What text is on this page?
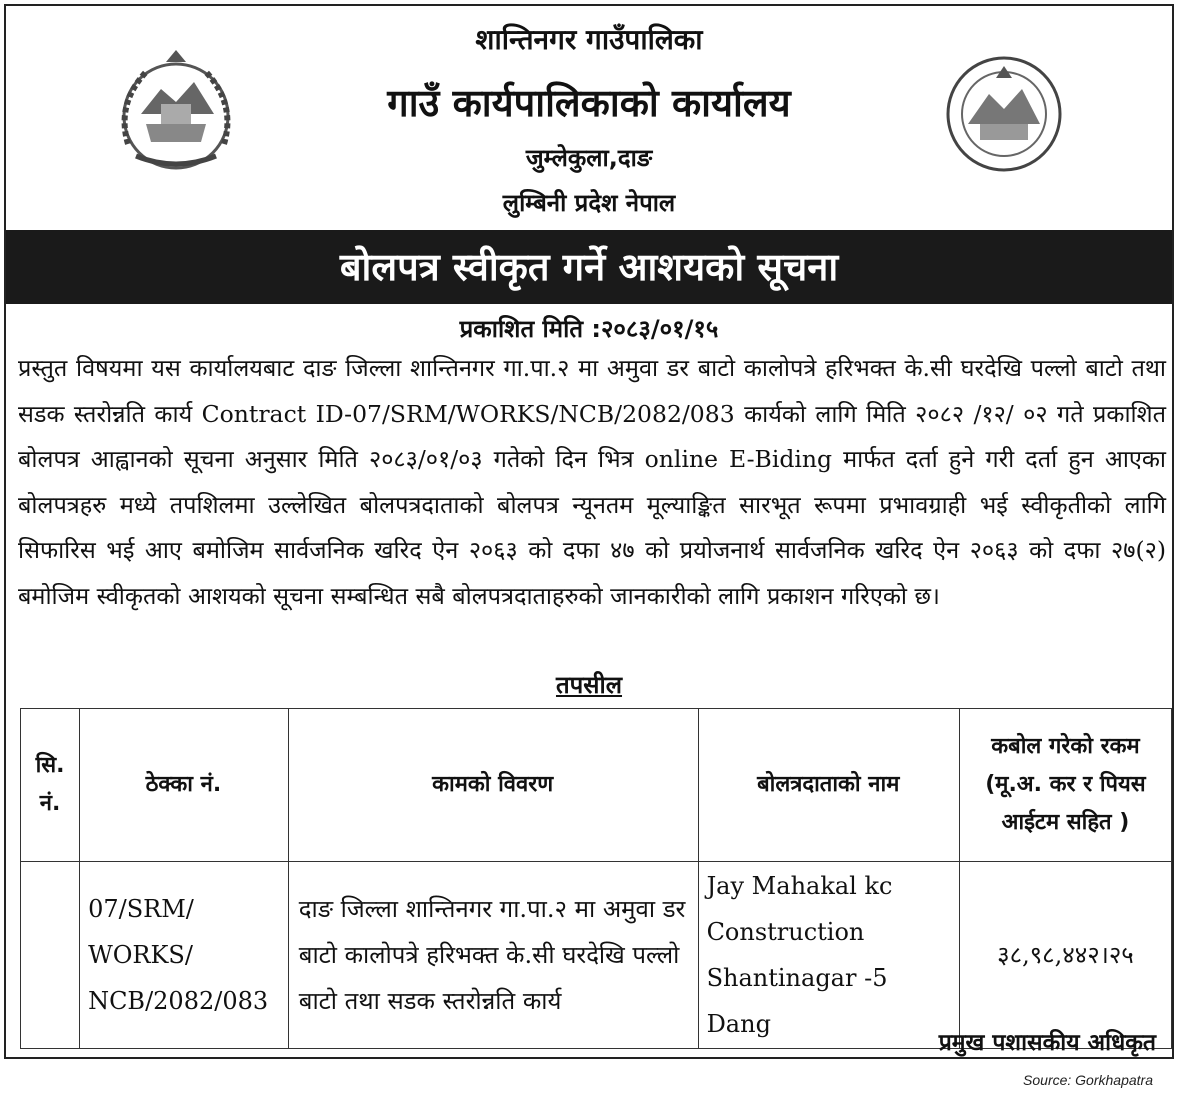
शान्तिनगर गाउँपालिका
गाउँ कार्यपालिकाको कार्यालय
जुम्लेकुला,दाङ
लुम्बिनी प्रदेश नेपाल
बोलपत्र स्वीकृत गर्ने आशयको सूचना
प्रकाशित मिति :२०८३/०१/१५
प्रस्तुत विषयमा यस कार्यालयबाट दाङ जिल्ला शान्तिनगर गा.पा.२ मा अमुवा डर बाटो कालोपत्रे हरिभक्त के.सी घरदेखि पल्लो बाटो तथा सडक स्तरोन्नति कार्य Contract ID-07/SRM/WORKS/NCB/2082/083 कार्यको लागि मिति २०८२ /१२/ ०२ गते प्रकाशित बोलपत्र आह्वानको सूचना अनुसार मिति २०८३/०१/०३ गतेको दिन भित्र online E-Biding मार्फत दर्ता हुने गरी दर्ता हुन आएका बोलपत्रहरु मध्ये तपशिलमा उल्लेखित बोलपत्रदाताको बोलपत्र न्यूनतम मूल्याङ्कित सारभूत रूपमा प्रभावग्राही भई स्वीकृतीको लागि सिफारिस भई आए बमोजिम सार्वजनिक खरिद ऐन २०६३ को दफा ४७ को प्रयोजनार्थ सार्वजनिक खरिद ऐन २०६३ को दफा २७(२) बमोजिम स्वीकृतको आशयको सूचना सम्बन्धित सबै बोलपत्रदाताहरुको जानकारीको लागि प्रकाशन गरिएको छ।
तपसील
सि. नं.	ठेक्का नं.	कामको विवरण	बोलत्रदाताको नाम	कबोल गरेको रकम (मू.अ. कर र पियस आईटम सहित )
	07/SRM/ WORKS/ NCB/2082/083	दाङ जिल्ला शान्तिनगर गा.पा.२ मा अमुवा डर बाटो कालोपत्रे हरिभक्त के.सी घरदेखि पल्लो बाटो तथा सडक स्तरोन्नति कार्य	Jay Mahakal kc Construction Shantinagar -5 Dang	३८,९८,४४२।२५
प्रमुख पशासकीय अधिकृत
Source: Gorkhapatra
